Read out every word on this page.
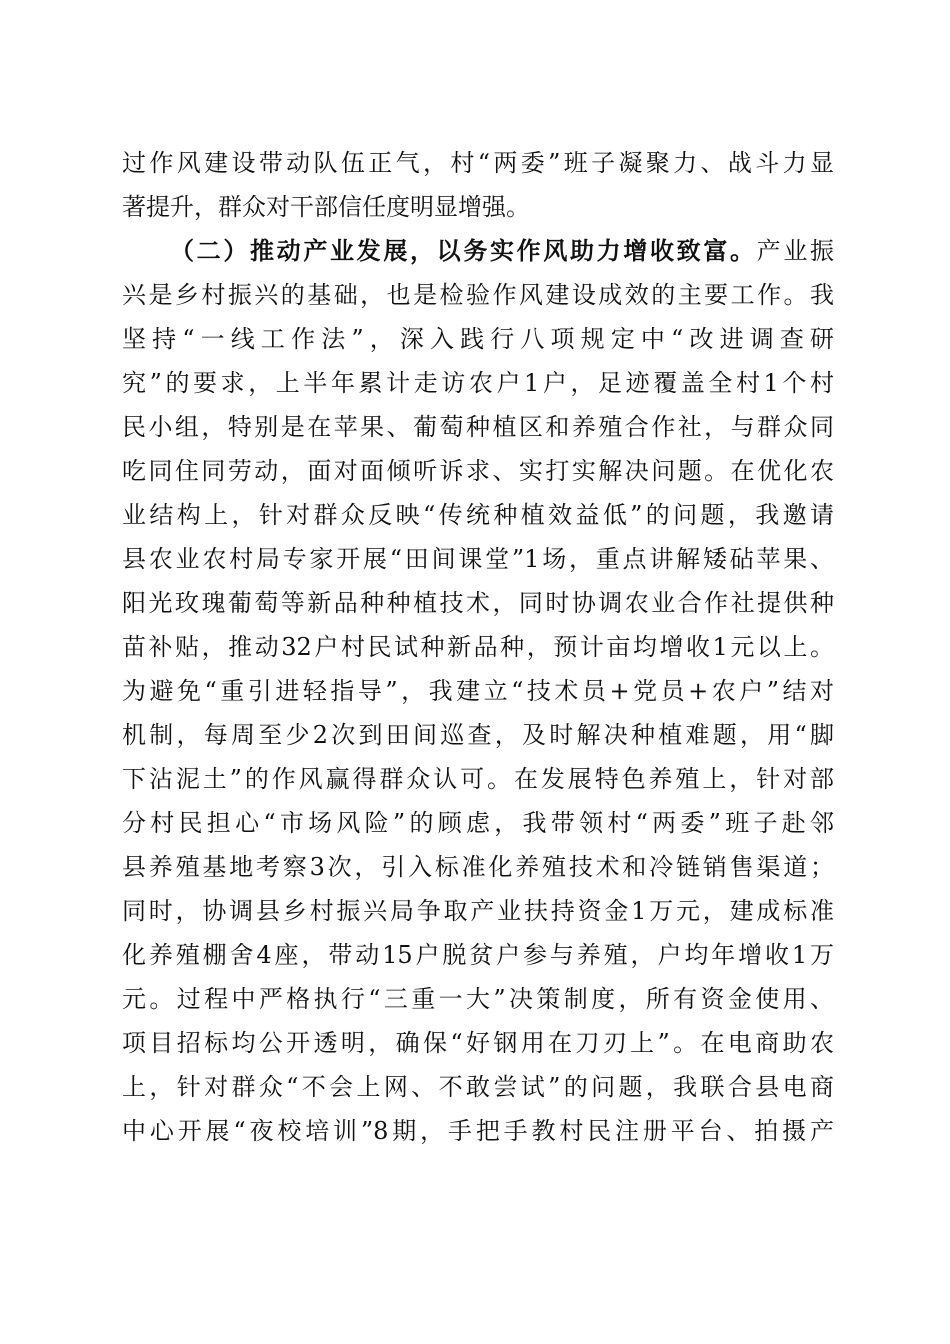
过作风建设带动队伍正气，村“两委”班子凝聚力、战斗力显
著提升，群众对干部信任度明显增强。
（二）推动产业发展，以务实作风助力增收致富。产业振
兴是乡村振兴的基础，也是检验作风建设成效的主要工作。我
坚持“一线工作法”，深入践行八项规定中“改进调查研
究”的要求，上半年累计走访农户1户，足迹覆盖全村1个村
民小组，特别是在苹果、葡萄种植区和养殖合作社，与群众同
吃同住同劳动，面对面倾听诉求、实打实解决问题。在优化农
业结构上，针对群众反映“传统种植效益低”的问题，我邀请
县农业农村局专家开展“田间课堂”1场，重点讲解矮砧苹果、
阳光玫瑰葡萄等新品种种植技术，同时协调农业合作社提供种
苗补贴，推动32户村民试种新品种，预计亩均增收1元以上。
为避免“重引进轻指导”，我建立“技术员+党员+农户”结对
机制，每周至少2次到田间巡查，及时解决种植难题，用“脚
下沾泥土”的作风赢得群众认可。在发展特色养殖上，针对部
分村民担心“市场风险”的顾虑，我带领村“两委”班子赴邻
县养殖基地考察3次，引入标准化养殖技术和冷链销售渠道；
同时，协调县乡村振兴局争取产业扶持资金1万元，建成标准
化养殖棚舍4座，带动15户脱贫户参与养殖，户均年增收1万
元。过程中严格执行“三重一大”决策制度，所有资金使用、
项目招标均公开透明，确保“好钢用在刀刃上”。在电商助农
上，针对群众“不会上网、不敢尝试”的问题，我联合县电商
中心开展“夜校培训”8期，手把手教村民注册平台、拍摄产
